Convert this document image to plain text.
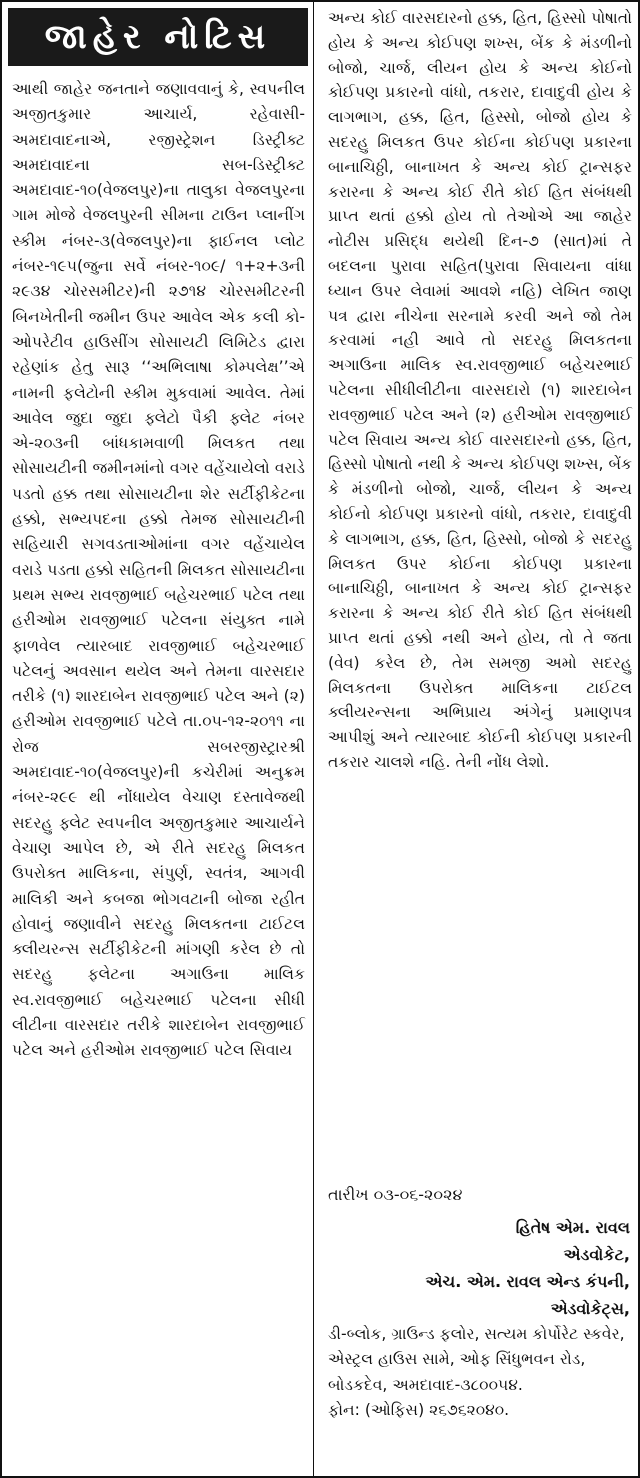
જાહેર નોટિસ
આથી જાહેર જનતાને જણાવવાનું કે, સ્વપનીલ અજીતકુમાર આચાર્ય, રહેવાસી-અમદાવાદનાએ, રજીસ્ટ્રેશન ડિસ્ટ્રીક્ટ અમદાવાદના સબ-ડિસ્ટ્રીક્ટ અમદાવાદ-૧૦(વેજલપુર)ના તાલુકા વેજલપુરના ગામ મોજે વેજલપુરની સીમના ટાઉન પ્લાનીંગ સ્કીમ નંબર-૩(વેજલપુર)ના ફાઈનલ પ્લોટ નંબર-૧૯૫(જુના સર્વે નંબર-૧૦૯/ ૧+૨+૩ની ૨૯૩૪ ચોરસમીટર)ની ૨૭૧૪ ચોરસમીટરની બિનખેતીની જમીન ઉપર આવેલ એક કલી કો-ઓપરેટીવ હાઉસીંગ સોસાયટી લિમિટેડ દ્વારા રહેણાંક હેતુ સારૂ ‘‘અભિલાષા કોમ્પલેક્ષ’’એ નામની ફલેટોની સ્કીમ મુકવામાં આવેલ. તેમાં આવેલ જુદા જુદા ફ્લેટો પૈકી ફ્લેટ નંબર એ-૨૦૩ની બાંધકામવાળી મિલકત તથા સોસાયટીની જમીનમાંનો વગર વહેંચાયેલો વરાડે પડતો હક્ક તથા સોસાયટીના શેર સર્ટીફીકેટના હક્કો, સભ્યપદના હક્કો તેમજ સોસાયટીની સહિયારી સગવડતાઓમાંના વગર વહેંચાયેલ વરાડે પડતા હક્કો સહિતની મિલકત સોસાયટીના પ્રથમ સભ્ય રાવજીભાઈ બહેચરભાઈ પટેલ તથા હરીઓમ રાવજીભાઈ પટેલના સંયુક્ત નામે ફાળવેલ ત્યારબાદ રાવજીભાઈ બહેચરભાઈ પટેલનું અવસાન થયેલ અને તેમના વારસદાર તરીકે (૧) શારદાબેન રાવજીભાઈ પટેલ અને (૨) હરીઓમ રાવજીભાઈ પટેલે તા.૦૫-૧૨-૨૦૧૧ ના રોજ સબરજીસ્ટ્રારશ્રી અમદાવાદ-૧૦(વેજલપુર)ની કચેરીમાં અનુક્રમ નંબર-૨૯૯ થી નોંધાયેલ વેચાણ દસ્તાવેજથી સદરહુ ફ્લેટ સ્વપનીલ અજીતકુમાર આચાર્યને વેચાણ આપેલ છે, એ રીતે સદરહુ મિલકત ઉપરોક્ત માલિકના, સંપુર્ણ, સ્વતંત્ર, આગવી માલિકી અને કબજા ભોગવટાની બોજા રહીત હોવાનું જણાવીને સદરહુ મિલકતના ટાઈટલ ક્લીયરન્સ સર્ટીફીકેટની માંગણી કરેલ છે તો સદરહુ ફલેટના અગાઉના માલિક સ્વ.રાવજીભાઈ બહેચરભાઈ પટેલના સીધી લીટીના વારસદાર તરીકે શારદાબેન રાવજીભાઈ પટેલ અને હરીઓમ રાવજીભાઈ પટેલ સિવાય
અન્ય કોઈ વારસદારનો હક્ક, હિત, હિસ્સો પોષાતો હોય કે અન્ય કોઈપણ શખ્સ, બેંક કે મંડળીનો બોજો, ચાર્જ, લીયન હોય કે અન્ય કોઈનો કોઈપણ પ્રકારનો વાંધો, તકરાર, દાવાદુવી હોય કે લાગભાગ, હક્ક, હિત, હિસ્સો, બોજો હોય કે સદરહુ મિલકત ઉપર કોઈના કોઈપણ પ્રકારના બાનાચિઠ્ઠી, બાનાખત કે અન્ય કોઈ ટ્રાન્સફર કરારના કે અન્ય કોઈ રીતે કોઈ હિત સંબંધથી પ્રાપ્ત થતાં હક્કો હોય તો તેઓએ આ જાહેર નોટીસ પ્રસિદ્ધ થયેથી દિન-૭ (સાત)માં તે બદલના પુરાવા સહિત(પુરાવા સિવાયના વાંધા ધ્યાન ઉપર લેવામાં આવશે નહિ) લેખિત જાણ પત્ર દ્વારા નીચેના સરનામે કરવી અને જો તેમ કરવામાં નહી આવે તો સદરહુ મિલકતના અગાઉના માલિક સ્વ.રાવજીભાઈ બહેચરભાઈ પટેલના સીધીલીટીના વારસદારો (૧) શારદાબેન રાવજીભાઈ પટેલ અને (૨) હરીઓમ રાવજીભાઈ પટેલ સિવાય અન્ય કોઈ વારસદારનો હક્ક, હિત, હિસ્સો પોષાતો નથી કે અન્ય કોઈપણ શખ્સ, બેંક કે મંડળીનો બોજો, ચાર્જ, લીયન કે અન્ય કોઈનો કોઈપણ પ્રકારનો વાંધો, તકરાર, દાવાદુવી કે લાગભાગ, હક્ક, હિત, હિસ્સો, બોજો કે સદરહુ મિલકત ઉપર કોઈના કોઈપણ પ્રકારના બાનાચિઠ્ઠી, બાનાખત કે અન્ય કોઈ ટ્રાન્સફર કરારના કે અન્ય કોઈ રીતે કોઈ હિત સંબંધથી પ્રાપ્ત થતાં હક્કો નથી અને હોય, તો તે જતા (વેવ) કરેલ છે, તેમ સમજી અમો સદરહુ મિલકતના ઉપરોક્ત માલિકના ટાઈટલ ક્લીયરન્સના અભિપ્રાય અંગેનું પ્રમાણપત્ર આપીશું અને ત્યારબાદ કોઈની કોઈપણ પ્રકારની તકરાર ચાલશે નહિ. તેની નોંધ લેશો.
તારીખ ૦૩-૦૬-૨૦૨૪
હિતેષ એમ. રાવલ
એડવોકેટ,
એચ. એમ. રાવલ એન્ડ કંપની,
એડવોકેટ્સ,
ડી-બ્લોક, ગ્રાઉન્ડ ફલોર, સત્યમ કોર્પોરેટ સ્કવેર, એસ્ટ્રલ હાઉસ સામે, ઓફ સિંધુભવન રોડ, બોડકદેવ, અમદાવાદ-૩૮૦૦૫૪.
ફોન: (ઓફિસ) ૨૬૭૬૨૦૪૦.
